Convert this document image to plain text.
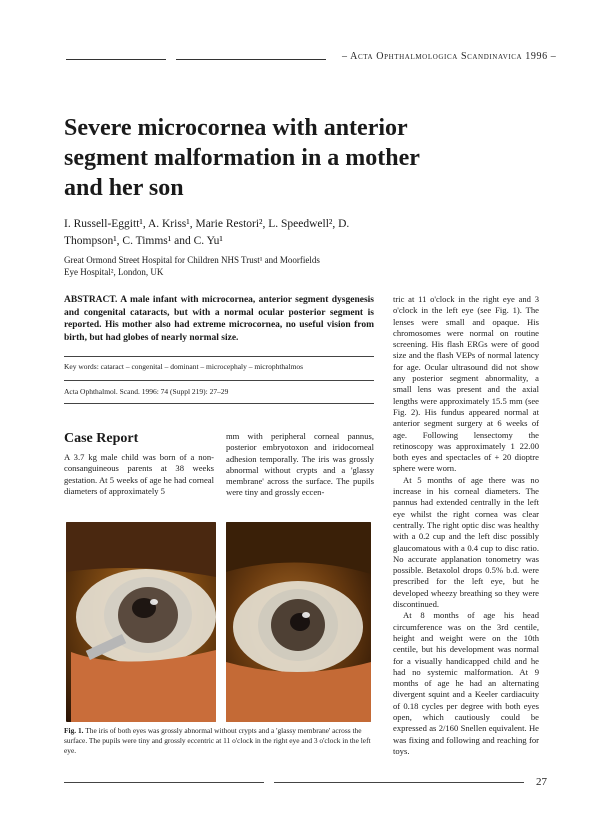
– Acta Ophthalmologica Scandinavica 1996 –
Severe microcornea with anterior segment malformation in a mother and her son
I. Russell-Eggitt¹, A. Kriss¹, Marie Restori², L. Speedwell², D. Thompson¹, C. Timms¹ and C. Yu¹
Great Ormond Street Hospital for Children NHS Trust¹ and Moorfields Eye Hospital², London, UK
ABSTRACT. A male infant with microcornea, anterior segment dysgenesis and congenital cataracts, but with a normal ocular posterior segment is reported. His mother also had extreme microcornea, no useful vision from birth, but had globes of nearly normal size.
Key words: cataract – congenital – dominant – microcephaly – microphthalmos
Acta Ophthalmol. Scand. 1996: 74 (Suppl 219): 27–29
Case Report

A 3.7 kg male child was born of a non-consanguineous parents at 38 weeks gestation. At 5 weeks of age he had corneal diameters of approximately 5

mm with peripheral corneal pannus, posterior embryotoxon and iridocorneal adhesion temporally. The iris was grossly abnormal without crypts and a 'glassy membrane' across the surface. The pupils were tiny and grossly eccen-

tric at 11 o'clock in the right eye and 3 o'clock in the left eye (see Fig. 1). The lenses were small and opaque. His chromosomes were normal on routine screening. His flash ERGs were of good size and the flash VEPs of normal latency for age. Ocular ultrasound did not show any posterior segment abnormality, a small lens was present and the axial lengths were approximately 15.5 mm (see Fig. 2). His fundus appeared normal at anterior segment surgery at 6 weeks of age. Following lensectomy the retinoscopy was approximately 1 22.00 both eyes and spectacles of + 20 dioptre sphere were worn.

At 5 months of age there was no increase in his corneal diameters. The pannus had extended centrally in the left eye whilst the right cornea was clear centrally. The right optic disc was healthy with a 0.2 cup and the left disc possibly glaucomatous with a 0.4 cup to disc ratio. No accurate applanation tonometry was possible. Betaxolol drops 0.5% b.d. were prescribed for the left eye, but he developed wheezy breathing so they were discontinued.

At 8 months of age his head circumference was on the 3rd centile, height and weight were on the 10th centile, but his development was normal for a visually handicapped child and he had no systemic malformation. At 9 months of age he had an alternating divergent squint and a Keeler cardiacuity of 0.18 cycles per degree with both eyes open, which cautiously could be expressed as 2/160 Snellen equivalent. He was fixing and following and reaching for toys.

Fig. 1. The iris of both eyes was grossly abnormal without crypts and a 'glassy membrane' across the surface. The pupils were tiny and grossly eccentric at 11 o'clock in the right eye and 3 o'clock in the left eye.
27
